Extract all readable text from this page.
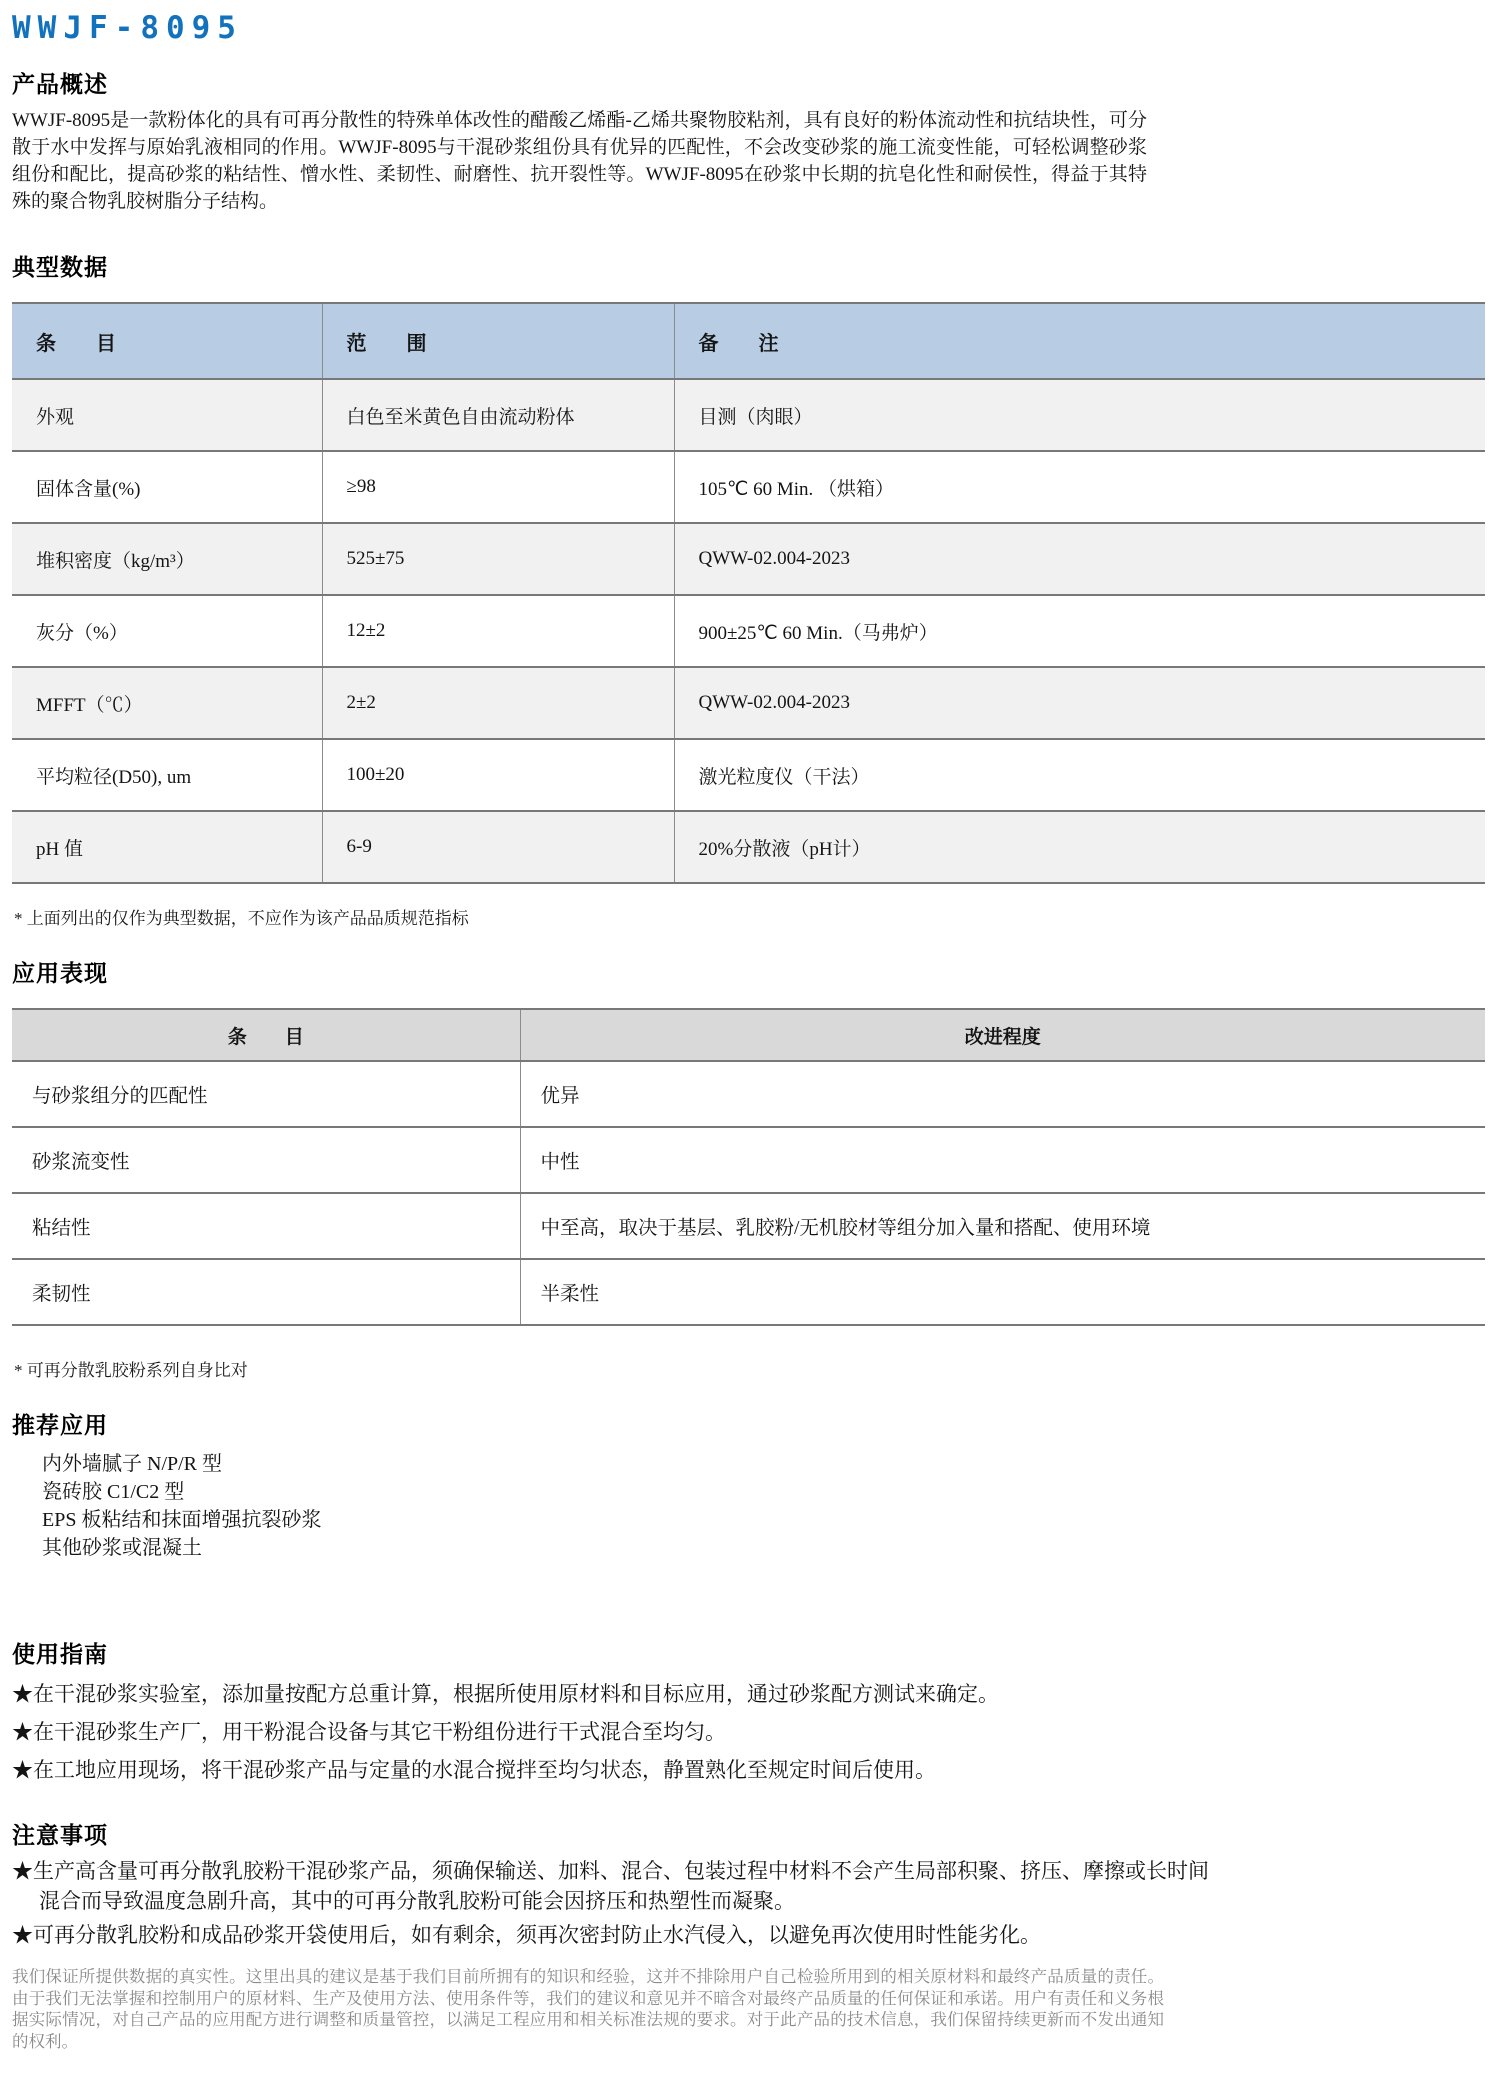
WWJF-8095
产品概述

WWJF-8095是一款粉体化的具有可再分散性的特殊单体改性的醋酸乙烯酯-乙烯共聚物胶粘剂，具有良好的粉体流动性和抗结块性，可分散于水中发挥与原始乳液相同的作用。WWJF-8095与干混砂浆组份具有优异的匹配性，不会改变砂浆的施工流变性能，可轻松调整砂浆组份和配比，提高砂浆的粘结性、憎水性、柔韧性、耐磨性、抗开裂性等。WWJF-8095在砂浆中长期的抗皂化性和耐侯性，得益于其特殊的聚合物乳胶树脂分子结构。

典型数据
条　　目	范　　围	备　　注
外观	白色至米黄色自由流动粉体	目测（肉眼）
固体含量(%)	≥98	105℃ 60 Min. （烘箱）
堆积密度（kg/m³）	525±75	QWW-02.004-2023
灰分（%）	12±2	900±25℃ 60 Min.（马弗炉）
MFFT（℃）	2±2	QWW-02.004-2023
平均粒径(D50), um	100±20	激光粒度仪（干法）
pH 值	6-9	20%分散液（pH计）

* 上面列出的仅作为典型数据，不应作为该产品品质规范指标

应用表现
条　　目	改进程度
与砂浆组分的匹配性	优异
砂浆流变性	中性
粘结性	中至高，取决于基层、乳胶粉/无机胶材等组分加入量和搭配、使用环境
柔韧性	半柔性

* 可再分散乳胶粉系列自身比对

推荐应用
内外墙腻子 N/P/R 型
瓷砖胶 C1/C2 型
EPS 板粘结和抹面增强抗裂砂浆
其他砂浆或混凝土
使用指南
★在干混砂浆实验室，添加量按配方总重计算，根据所使用原材料和目标应用，通过砂浆配方测试来确定。
★在干混砂浆生产厂，用干粉混合设备与其它干粉组份进行干式混合至均匀。
★在工地应用现场，将干混砂浆产品与定量的水混合搅拌至均匀状态，静置熟化至规定时间后使用。
注意事项
★生产高含量可再分散乳胶粉干混砂浆产品，须确保输送、加料、混合、包装过程中材料不会产生局部积聚、挤压、摩擦或长时间混合而导致温度急剧升高，其中的可再分散乳胶粉可能会因挤压和热塑性而凝聚。
★可再分散乳胶粉和成品砂浆开袋使用后，如有剩余，须再次密封防止水汽侵入，以避免再次使用时性能劣化。

我们保证所提供数据的真实性。这里出具的建议是基于我们目前所拥有的知识和经验，这并不排除用户自己检验所用到的相关原材料和最终产品质量的责任。由于我们无法掌握和控制用户的原材料、生产及使用方法、使用条件等，我们的建议和意见并不暗含对最终产品质量的任何保证和承诺。用户有责任和义务根据实际情况，对自己产品的应用配方进行调整和质量管控，以满足工程应用和相关标准法规的要求。对于此产品的技术信息，我们保留持续更新而不发出通知的权利。
